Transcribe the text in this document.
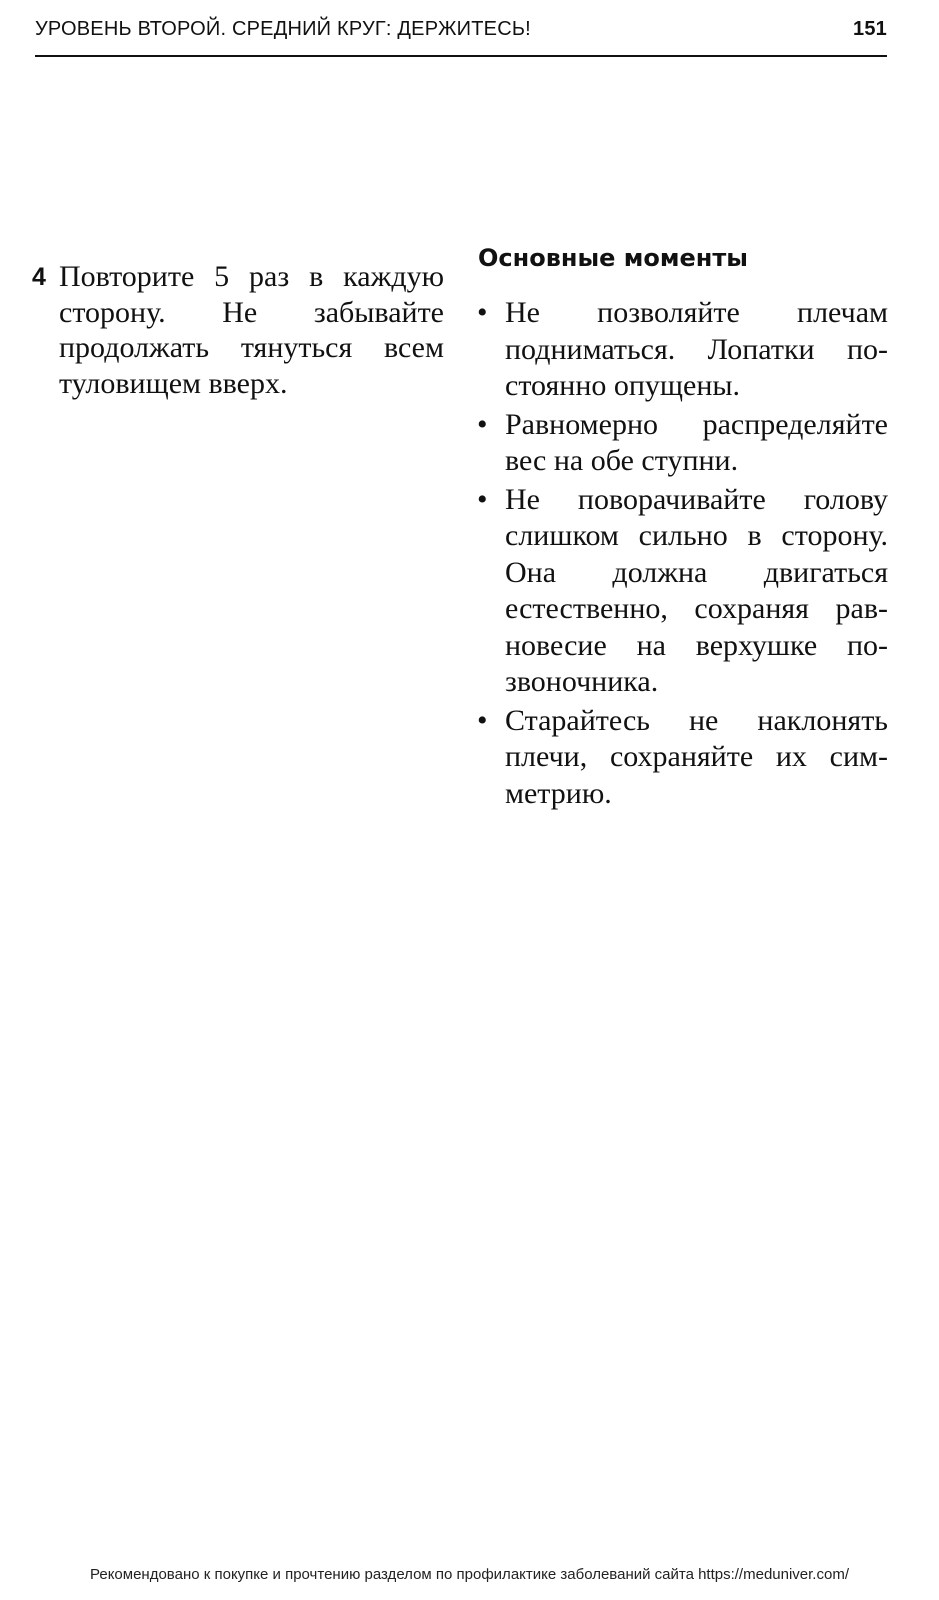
УРОВЕНЬ ВТОРОЙ. СРЕДНИЙ КРУГ: ДЕРЖИТЕСЬ!	151
4 Повторите 5 раз в каждую сторону. Не забывайте продолжать тянуться всем туловищем вверх.
Основные моменты
• Не позволяйте плечам подниматься. Лопатки постоянно опущены.
• Равномерно распределяйте вес на обе ступни.
• Не поворачивайте голову слишком сильно в сторону. Она должна двигаться естественно, сохраняя равновесие на верхушке позвоночника.
• Старайтесь не наклонять плечи, сохраняйте их симметрию.
Рекомендовано к покупке и прочтению разделом по профилактике заболеваний сайта https://meduniver.com/
